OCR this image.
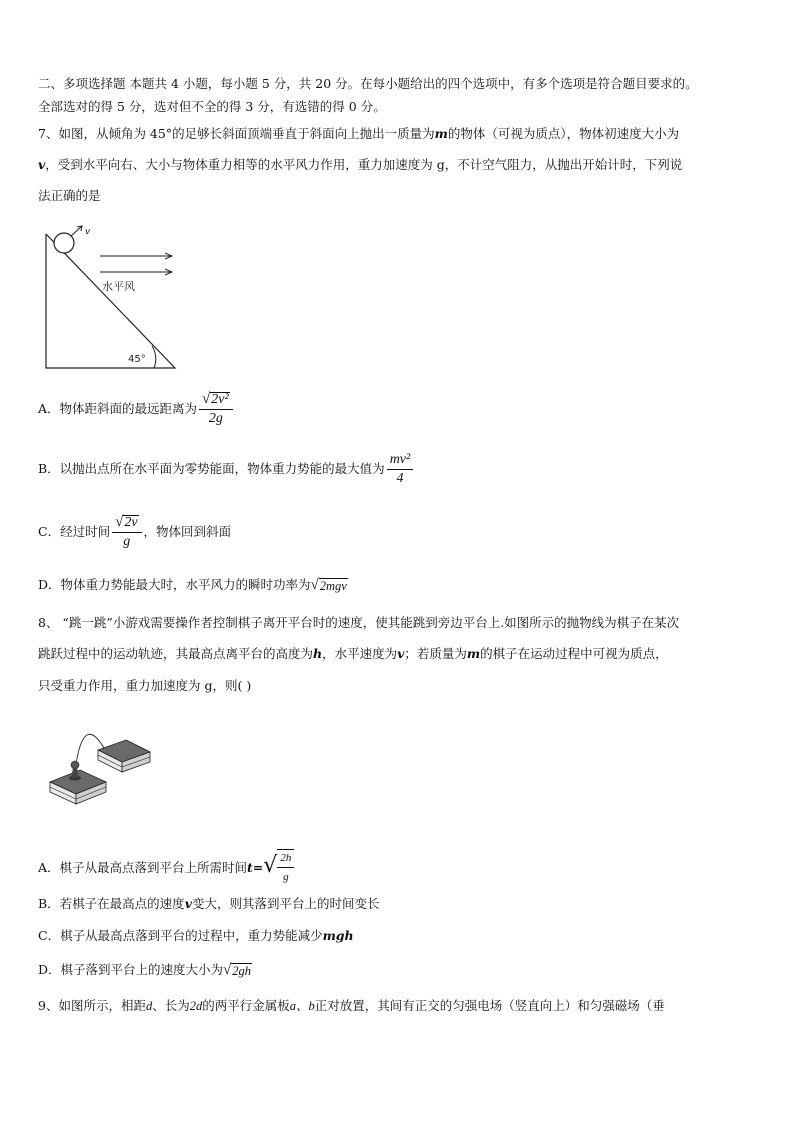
二、多项选择题 本题共 4 小题，每小题 5 分，共 20 分。在每小题给出的四个选项中，有多个选项是符合题目要求的。
全部选对的得 5 分，选对但不全的得 3 分，有选错的得 0 分。
7、如图，从倾角为 45°的足够长斜面顶端垂直于斜面向上抛出一质量为m的物体（可视为质点），物体初速度大小为
v，受到水平向右、大小与物体重力相等的水平风力作用，重力加速度为 g，不计空气阻力，从抛出开始计时，下列说
法正确的是
v
水平风
45°
A．物体距斜面的最远距离为 $\frac{\text{√ 2v²}}{2g}$
B．以抛出点所在水平面为零势能面，物体重力势能的最大值为 $\frac{\text{mv²}}{4}$
C．经过时间 $\frac{√ 2v}{g}$ ，物体回到斜面
D．物体重力势能最大时，水平风力的瞬时功率为 √ 2mgv
8、 “跳一跳”小游戏需要操作者控制棋子离开平台时的速度，使其能跳到旁边平台上.如图所示的抛物线为棋子在某次
跳跃过程中的运动轨迹，其最高点离平台的高度为h，水平速度为v；若质量为m的棋子在运动过程中可视为质点，
只受重力作用，重力加速度为 g，则( )
A．棋子从最高点落到平台上所需时间t= √ $\frac{2h}{g}$
B．若棋子在最高点的速度v变大，则其落到平台上的时间变长
C．棋子从最高点落到平台的过程中，重力势能减少mgh
D．棋子落到平台上的速度大小为 √ 2gh
9、如图所示，相距d、长为2d的两平行金属板a、b正对放置，其间有正交的匀强电场（竖直向上）和匀强磁场（垂
